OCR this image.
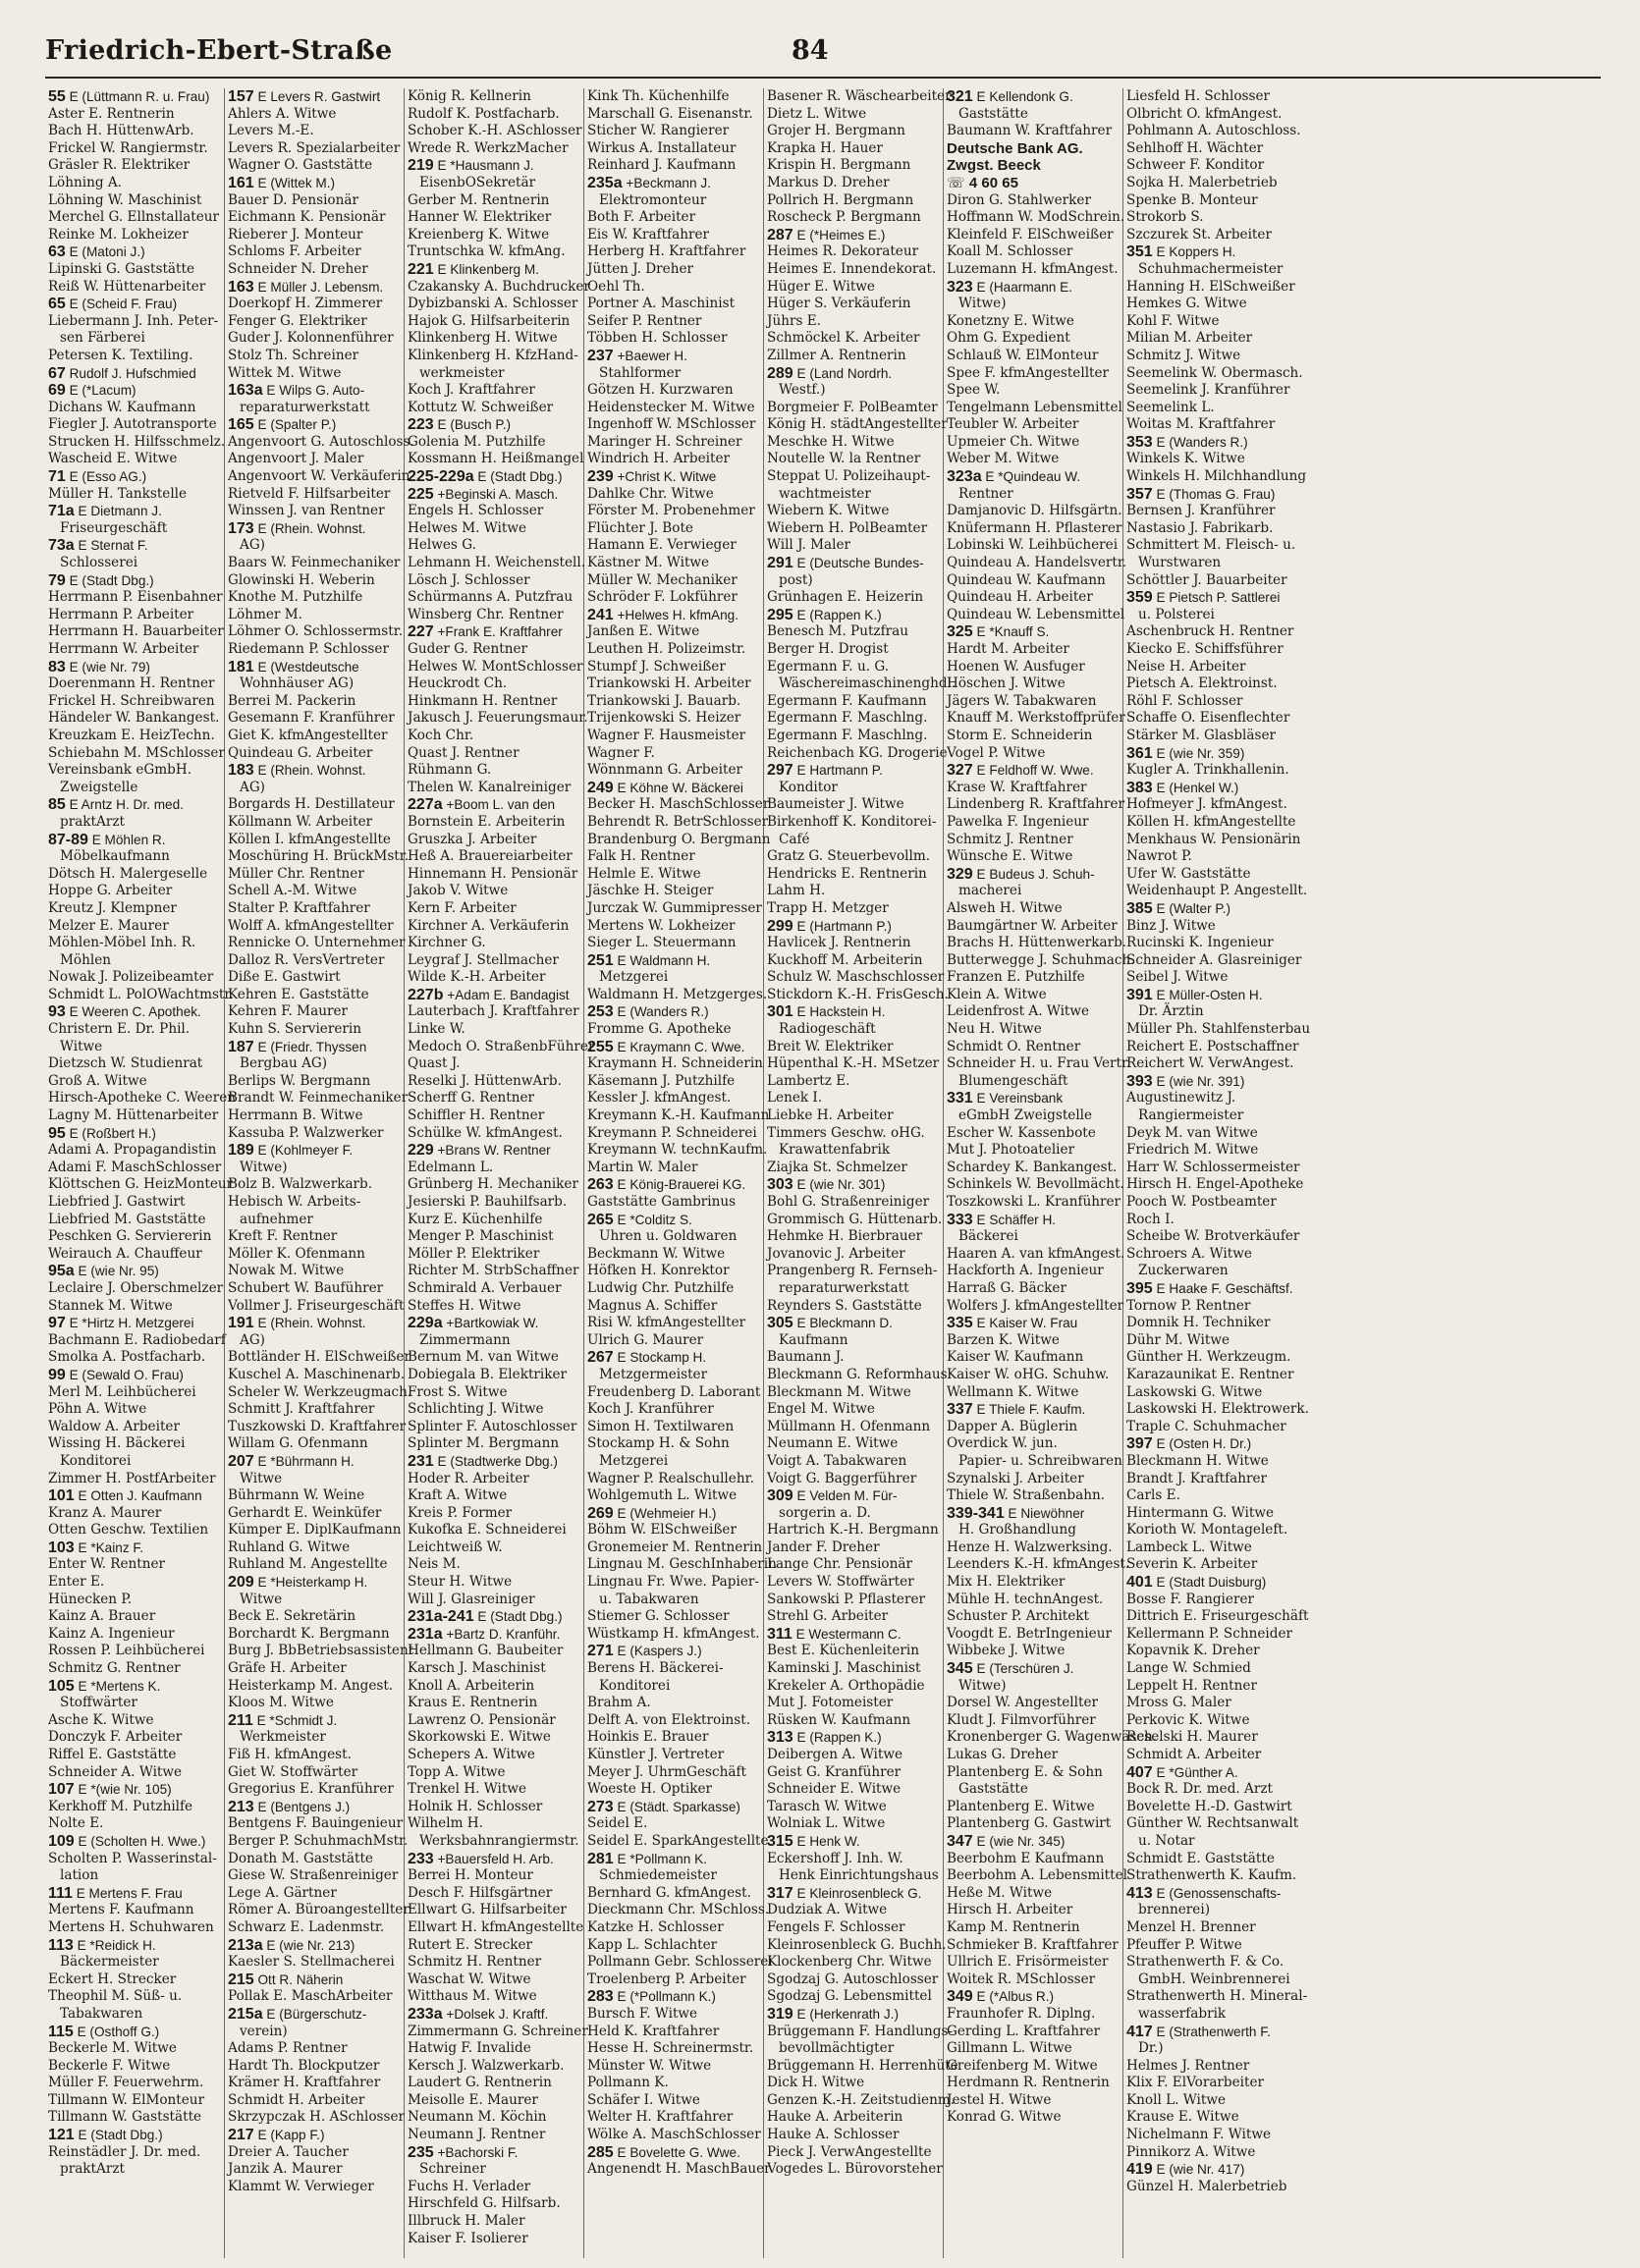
Friedrich-Ebert-Straße	84
55 E (Lüttmann R. u. Frau)
Aster E. Rentnerin
Bach H. HüttenwArb.
Frickel W. Rangiermstr.
Gräsler R. Elektriker
Löhning A.
Löhning W. Maschinist
Merchel G. Ellnstallateur
Reinke M. Lokheizer
63 E (Matoni J.)
Lipinski G. Gaststätte
Reiß W. Hüttenarbeiter
65 E (Scheid F. Frau)
Liebermann J. Inh. Peter-
sen Färberei
Petersen K. Textiling.
67 Rudolf J. Hufschmied
69 E (*Lacum)
Dichans W. Kaufmann
Fiegler J. Autotransporte
Strucken H. Hilfsschmelz.
Wascheid E. Witwe
71 E (Esso AG.)
Müller H. Tankstelle
71a E Dietmann J.
Friseurgeschäft
73a E Sternat F.
Schlosserei
79 E (Stadt Dbg.)
Herrmann P. Eisenbahner
Herrmann P. Arbeiter
Herrmann H. Bauarbeiter
Herrmann W. Arbeiter
83 E (wie Nr. 79)
Doerenmann H. Rentner
Frickel H. Schreibwaren
Händeler W. Bankangest.
Kreuzkam E. HeizTechn.
Schiebahn M. MSchlosser
Vereinsbank eGmbH.
Zweigstelle
85 E Arntz H. Dr. med.
praktArzt
87-89 E Möhlen R.
Möbelkaufmann
Dötsch H. Malergeselle
Hoppe G. Arbeiter
Kreutz J. Klempner
Melzer E. Maurer
Möhlen-Möbel Inh. R.
Möhlen
Nowak J. Polizeibeamter
Schmidt L. PolOWachtmstr.
93 E Weeren C. Apothek.
Christern E. Dr. Phil.
Witwe
Dietzsch W. Studienrat
Groß A. Witwe
Hirsch-Apotheke C. Weeren
Lagny M. Hüttenarbeiter
95 E (Roßbert H.)
Adami A. Propagandistin
Adami F. MaschSchlosser
Klöttschen G. HeizMonteur
Liebfried J. Gastwirt
Liebfried M. Gaststätte
Peschken G. Serviererin
Weirauch A. Chauffeur
95a E (wie Nr. 95)
Leclaire J. Oberschmelzer
Stannek M. Witwe
97 E *Hirtz H. Metzgerei
Bachmann E. Radiobedarf
Smolka A. Postfacharb.
99 E (Sewald O. Frau)
Merl M. Leihbücherei
Pöhn A. Witwe
Waldow A. Arbeiter
Wissing H. Bäckerei
Konditorei
Zimmer H. PostfArbeiter
101 E Otten J. Kaufmann
Kranz A. Maurer
Otten Geschw. Textilien
103 E *Kainz F.
Enter W. Rentner
Enter E.
Hünecken P.
Kainz A. Brauer
Kainz A. Ingenieur
Rossen P. Leihbücherei
Schmitz G. Rentner
105 E *Mertens K.
Stoffwärter
Asche K. Witwe
Donczyk F. Arbeiter
Riffel E. Gaststätte
Schneider A. Witwe
107 E *(wie Nr. 105)
Kerkhoff M. Putzhilfe
Nolte E.
109 E (Scholten H. Wwe.)
Scholten P. Wasserinstal-
lation
111 E Mertens F. Frau
Mertens F. Kaufmann
Mertens H. Schuhwaren
113 E *Reidick H.
Bäckermeister
Eckert H. Strecker
Theophil M. Süß- u.
Tabakwaren
115 E (Osthoff G.)
Beckerle M. Witwe
Beckerle F. Witwe
Müller F. Feuerwehrm.
Tillmann W. ElMonteur
Tillmann W. Gaststätte
121 E (Stadt Dbg.)
Reinstädler J. Dr. med.
praktArzt
157 E Levers R. Gastwirt
Ahlers A. Witwe
Levers M.-E.
Levers R. Spezialarbeiter
Wagner O. Gaststätte
161 E (Wittek M.)
Bauer D. Pensionär
Eichmann K. Pensionär
Rieberer J. Monteur
Schloms F. Arbeiter
Schneider N. Dreher
163 E Müller J. Lebensm.
Doerkopf H. Zimmerer
Fenger G. Elektriker
Guder J. Kolonnenführer
Stolz Th. Schreiner
Wittek M. Witwe
163a E Wilps G. Auto-
reparaturwerkstatt
165 E (Spalter P.)
Angenvoort G. Autoschloss.
Angenvoort J. Maler
Angenvoort W. Verkäuferin
Rietveld F. Hilfsarbeiter
Winssen J. van Rentner
173 E (Rhein. Wohnst.
AG)
Baars W. Feinmechaniker
Glowinski H. Weberin
Knothe M. Putzhilfe
Löhmer M.
Löhmer O. Schlossermstr.
Riedemann P. Schlosser
181 E (Westdeutsche
Wohnhäuser AG)
Berrei M. Packerin
Gesemann F. Kranführer
Giet K. kfmAngestellter
Quindeau G. Arbeiter
183 E (Rhein. Wohnst.
AG)
Borgards H. Destillateur
Köllmann W. Arbeiter
Köllen I. kfmAngestellte
Moschüring H. BrückMstr.
Müller Chr. Rentner
Schell A.-M. Witwe
Stalter P. Kraftfahrer
Wolff A. kfmAngestellter
Rennicke O. Unternehmer
Dalloz R. VersVertreter
Diße E. Gastwirt
Kehren E. Gaststätte
Kehren F. Maurer
Kuhn S. Serviererin
187 E (Friedr. Thyssen
Bergbau AG)
Berlips W. Bergmann
Brandt W. Feinmechaniker
Herrmann B. Witwe
Kassuba P. Walzwerker
189 E (Kohlmeyer F.
Witwe)
Bolz B. Walzwerkarb.
Hebisch W. Arbeits-
aufnehmer
Kreft F. Rentner
Möller K. Ofenmann
Nowak M. Witwe
Schubert W. Bauführer
Vollmer J. Friseurgeschäft
191 E (Rhein. Wohnst.
AG)
Bottländer H. ElSchweißer
Kuschel A. Maschinenarb.
Scheler W. Werkzeugmach.
Schmitt J. Kraftfahrer
Tuszkowski D. Kraftfahrer
Willam G. Ofenmann
207 E *Bührmann H.
Witwe
Bührmann W. Weine
Gerhardt E. Weinküfer
Kümper E. DiplKaufmann
Ruhland G. Witwe
Ruhland M. Angestellte
209 E *Heisterkamp H.
Witwe
Beck E. Sekretärin
Borchardt K. Bergmann
Burg J. BbBetriebsassistent
Gräfe H. Arbeiter
Heisterkamp M. Angest.
Kloos M. Witwe
211 E *Schmidt J.
Werkmeister
Fiß H. kfmAngest.
Giet W. Stoffwärter
Gregorius E. Kranführer
213 E (Bentgens J.)
Bentgens F. Bauingenieur
Berger P. SchuhmachMstr.
Donath M. Gaststätte
Giese W. Straßenreiniger
Lege A. Gärtner
Römer A. Büroangestellter
Schwarz E. Ladenmstr.
213a E (wie Nr. 213)
Kaesler S. Stellmacherei
215 Ott R. Näherin
Pollak E. MaschArbeiter
215a E (Bürgerschutz-
verein)
Adams P. Rentner
Hardt Th. Blockputzer
Krämer H. Kraftfahrer
Schmidt H. Arbeiter
Skrzypczak H. ASchlosser
217 E (Kapp F.)
Dreier A. Taucher
Janzik A. Maurer
Klammt W. Verwieger
König R. Kellnerin
Rudolf K. Postfacharb.
Schober K.-H. ASchlosser
Wrede R. WerkzMacher
219 E *Hausmann J.
EisenbOSekretär
Gerber M. Rentnerin
Hanner W. Elektriker
Kreienberg K. Witwe
Truntschka W. kfmAng.
221 E Klinkenberg M.
Czakansky A. Buchdrucker
Dybizbanski A. Schlosser
Hajok G. Hilfsarbeiterin
Klinkenberg H. Witwe
Klinkenberg H. KfzHand-
werkmeister
Koch J. Kraftfahrer
Kottutz W. Schweißer
223 E (Busch P.)
Golenia M. Putzhilfe
Kossmann H. Heißmangel
225-229a E (Stadt Dbg.)
225 +Beginski A. Masch.
Engels H. Schlosser
Helwes M. Witwe
Helwes G.
Lehmann H. Weichenstell.
Lösch J. Schlosser
Schürmanns A. Putzfrau
Winsberg Chr. Rentner
227 +Frank E. Kraftfahrer
Guder G. Rentner
Helwes W. MontSchlosser
Heuckrodt Ch.
Hinkmann H. Rentner
Jakusch J. Feuerungsmaur.
Koch Chr.
Quast J. Rentner
Rühmann G.
Thelen W. Kanalreiniger
227a +Boom L. van den
Bornstein E. Arbeiterin
Gruszka J. Arbeiter
Heß A. Brauereiarbeiter
Hinnemann H. Pensionär
Jakob V. Witwe
Kern F. Arbeiter
Kirchner A. Verkäuferin
Kirchner G.
Leygraf J. Stellmacher
Wilde K.-H. Arbeiter
227b +Adam E. Bandagist
Lauterbach J. Kraftfahrer
Linke W.
Medoch O. StraßenbFührer
Quast J.
Reselki J. HüttenwArb.
Scherff G. Rentner
Schiffler H. Rentner
Schülke W. kfmAngest.
229 +Brans W. Rentner
Edelmann L.
Grünberg H. Mechaniker
Jesierski P. Bauhilfsarb.
Kurz E. Küchenhilfe
Menger P. Maschinist
Möller P. Elektriker
Richter M. StrbSchaffner
Schmirald A. Verbauer
Steffes H. Witwe
229a +Bartkowiak W.
Zimmermann
Bernum M. van Witwe
Dobiegala B. Elektriker
Frost S. Witwe
Schlichting J. Witwe
Splinter F. Autoschlosser
Splinter M. Bergmann
231 E (Stadtwerke Dbg.)
Hoder R. Arbeiter
Kraft A. Witwe
Kreis P. Former
Kukofka E. Schneiderei
Leichtweiß W.
Neis M.
Steur H. Witwe
Will J. Glasreiniger
231a-241 E (Stadt Dbg.)
231a +Bartz D. Kranführ.
Hellmann G. Baubeiter
Karsch J. Maschinist
Knoll A. Arbeiterin
Kraus E. Rentnerin
Lawrenz O. Pensionär
Skorkowski E. Witwe
Schepers A. Witwe
Topp A. Witwe
Trenkel H. Witwe
Holnik H. Schlosser
Wilhelm H.
Werksbahnrangiermstr.
233 +Bauersfeld H. Arb.
Berrei H. Monteur
Desch F. Hilfsgärtner
Ellwart G. Hilfsarbeiter
Ellwart H. kfmAngestellte
Rutert E. Strecker
Schmitz H. Rentner
Waschat W. Witwe
Witthaus M. Witwe
233a +Dolsek J. Kraftf.
Zimmermann G. Schreiner
Hatwig F. Invalide
Kersch J. Walzwerkarb.
Laudert G. Rentnerin
Meisolle E. Maurer
Neumann M. Köchin
Neumann J. Rentner
235 +Bachorski F.
Schreiner
Fuchs H. Verlader
Hirschfeld G. Hilfsarb.
Illbruck H. Maler
Kaiser F. Isolierer
Kink Th. Küchenhilfe
Marschall G. Eisenanstr.
Sticher W. Rangierer
Wirkus A. Installateur
Reinhard J. Kaufmann
235a +Beckmann J.
Elektromonteur
Both F. Arbeiter
Eis W. Kraftfahrer
Herberg H. Kraftfahrer
Jütten J. Dreher
Oehl Th.
Portner A. Maschinist
Seifer P. Rentner
Többen H. Schlosser
237 +Baewer H.
Stahlformer
Götzen H. Kurzwaren
Heidenstecker M. Witwe
Ingenhoff W. MSchlosser
Maringer H. Schreiner
Windrich H. Arbeiter
239 +Christ K. Witwe
Dahlke Chr. Witwe
Förster M. Probenehmer
Flüchter J. Bote
Hamann E. Verwieger
Kästner M. Witwe
Müller W. Mechaniker
Schröder F. Lokführer
241 +Helwes H. kfmAng.
Janßen E. Witwe
Leuthen H. Polizeimstr.
Stumpf J. Schweißer
Triankowski H. Arbeiter
Triankowski J. Bauarb.
Trijenkowski S. Heizer
Wagner F. Hausmeister
Wagner F.
Wönnmann G. Arbeiter
249 E Köhne W. Bäckerei
Becker H. MaschSchlosser
Behrendt R. BetrSchlosser
Brandenburg O. Bergmann
Falk H. Rentner
Helmle E. Witwe
Jäschke H. Steiger
Jurczak W. Gummipresser
Mertens W. Lokheizer
Sieger L. Steuermann
251 E Waldmann H.
Metzgerei
Waldmann H. Metzgerges.
253 E (Wanders R.)
Fromme G. Apotheke
255 E Kraymann C. Wwe.
Kraymann H. Schneiderin
Käsemann J. Putzhilfe
Kessler J. kfmAngest.
Kreymann K.-H. Kaufmann
Kreymann P. Schneiderei
Kreymann W. technKaufm.
Martin W. Maler
263 E König-Brauerei KG.
Gaststätte Gambrinus
265 E *Colditz S.
Uhren u. Goldwaren
Beckmann W. Witwe
Höfken H. Konrektor
Ludwig Chr. Putzhilfe
Magnus A. Schiffer
Risi W. kfmAngestellter
Ulrich G. Maurer
267 E Stockamp H.
Metzgermeister
Freudenberg D. Laborant
Koch J. Kranführer
Simon H. Textilwaren
Stockamp H. & Sohn
Metzgerei
Wagner P. Realschullehr.
Wohlgemuth L. Witwe
269 E (Wehmeier H.)
Böhm W. ElSchweißer
Gronemeier M. Rentnerin
Lingnau M. GeschInhaberin
Lingnau Fr. Wwe. Papier-
u. Tabakwaren
Stiemer G. Schlosser
Wüstkamp H. kfmAngest.
271 E (Kaspers J.)
Berens H. Bäckerei-
Konditorei
Brahm A.
Delft A. von Elektroinst.
Hoinkis E. Brauer
Künstler J. Vertreter
Meyer J. UhrmGeschäft
Woeste H. Optiker
273 E (Städt. Sparkasse)
Seidel E.
Seidel E. SparkAngestellte
281 E *Pollmann K.
Schmiedemeister
Bernhard G. kfmAngest.
Dieckmann Chr. MSchloss.
Katzke H. Schlosser
Kapp L. Schlachter
Pollmann Gebr. Schlosserei
Troelenberg P. Arbeiter
283 E (*Pollmann K.)
Bursch F. Witwe
Held K. Kraftfahrer
Hesse H. Schreinermstr.
Münster W. Witwe
Pollmann K.
Schäfer I. Witwe
Welter H. Kraftfahrer
Wölke A. MaschSchlosser
285 E Bovelette G. Wwe.
Angenendt H. MaschBauer
Basener R. Wäschearbeiter
Dietz L. Witwe
Grojer H. Bergmann
Krapka H. Hauer
Krispin H. Bergmann
Markus D. Dreher
Pollrich H. Bergmann
Roscheck P. Bergmann
287 E (*Heimes E.)
Heimes R. Dekorateur
Heimes E. Innendekorat.
Hüger E. Witwe
Hüger S. Verkäuferin
Jührs E.
Schmöckel K. Arbeiter
Zillmer A. Rentnerin
289 E (Land Nordrh.
Westf.)
Borgmeier F. PolBeamter
König H. städtAngestellter
Meschke H. Witwe
Noutelle W. la Rentner
Steppat U. Polizeihaupt-
wachtmeister
Wiebern K. Witwe
Wiebern H. PolBeamter
Will J. Maler
291 E (Deutsche Bundes-
post)
Grünhagen E. Heizerin
295 E (Rappen K.)
Benesch M. Putzfrau
Berger H. Drogist
Egermann F. u. G.
Wäschereimaschinenghdl.
Egermann F. Kaufmann
Egermann F. Maschlng.
Egermann F. Maschlng.
Reichenbach KG. Drogerie
297 E Hartmann P.
Konditor
Baumeister J. Witwe
Birkenhoff K. Konditorei-
Café
Gratz G. Steuerbevollm.
Hendricks E. Rentnerin
Lahm H.
Trapp H. Metzger
299 E (Hartmann P.)
Havlicek J. Rentnerin
Kuckhoff M. Arbeiterin
Schulz W. Maschschlosser
Stickdorn K.-H. FrisGesch.
301 E Hackstein H.
Radiogeschäft
Breit W. Elektriker
Hüpenthal K.-H. MSetzer
Lambertz E.
Lenek I.
Liebke H. Arbeiter
Timmers Geschw. oHG.
Krawattenfabrik
Ziajka St. Schmelzer
303 E (wie Nr. 301)
Bohl G. Straßenreiniger
Grommisch G. Hüttenarb.
Hehmke H. Bierbrauer
Jovanovic J. Arbeiter
Prangenberg R. Fernseh-
reparaturwerkstatt
Reynders S. Gaststätte
305 E Bleckmann D.
Kaufmann
Baumann J.
Bleckmann G. Reformhaus
Bleckmann M. Witwe
Engel M. Witwe
Müllmann H. Ofenmann
Neumann E. Witwe
Voigt A. Tabakwaren
Voigt G. Baggerführer
309 E Velden M. Für-
sorgerin a. D.
Hartrich K.-H. Bergmann
Jander F. Dreher
Lange Chr. Pensionär
Levers W. Stoffwärter
Sankowski P. Pflasterer
Strehl G. Arbeiter
311 E Westermann C.
Best E. Küchenleiterin
Kaminski J. Maschinist
Krekeler A. Orthopädie
Mut J. Fotomeister
Rüsken W. Kaufmann
313 E (Rappen K.)
Deibergen A. Witwe
Geist G. Kranführer
Schneider E. Witwe
Tarasch W. Witwe
Wolniak L. Witwe
315 E Henk W.
Eckershoff J. Inh. W.
Henk Einrichtungshaus
317 E Kleinrosenbleck G.
Dudziak A. Witwe
Fengels F. Schlosser
Kleinrosenbleck G. Buchh.
Klockenberg Chr. Witwe
Sgodzaj G. Autoschlosser
Sgodzaj G. Lebensmittel
319 E (Herkenrath J.)
Brüggemann F. Handlungs-
bevollmächtigter
Brüggemann H. Herrenhüte
Dick H. Witwe
Genzen K.-H. Zeitstudienm.
Hauke A. Arbeiterin
Hauke A. Schlosser
Pieck J. VerwAngestellte
Vogedes L. Bürovorsteher
321 E Kellendonk G.
Gaststätte
Baumann W. Kraftfahrer
Deutsche Bank AG.
Zwgst. Beeck
☏ 4 60 65
Diron G. Stahlwerker
Hoffmann W. ModSchrein.
Kleinfeld F. ElSchweißer
Koall M. Schlosser
Luzemann H. kfmAngest.
323 E (Haarmann E.
Witwe)
Konetzny E. Witwe
Ohm G. Expedient
Schlauß W. ElMonteur
Spee F. kfmAngestellter
Spee W.
Tengelmann Lebensmittel
Teubler W. Arbeiter
Upmeier Ch. Witwe
Weber M. Witwe
323a E *Quindeau W.
Rentner
Damjanovic D. Hilfsgärtn.
Knüfermann H. Pflasterer
Lobinski W. Leihbücherei
Quindeau A. Handelsvertr.
Quindeau W. Kaufmann
Quindeau H. Arbeiter
Quindeau W. Lebensmittel
325 E *Knauff S.
Hardt M. Arbeiter
Hoenen W. Ausfuger
Höschen J. Witwe
Jägers W. Tabakwaren
Knauff M. Werkstoffprüfer
Storm E. Schneiderin
Vogel P. Witwe
327 E Feldhoff W. Wwe.
Krase W. Kraftfahrer
Lindenberg R. Kraftfahrer
Pawelka F. Ingenieur
Schmitz J. Rentner
Wünsche E. Witwe
329 E Budeus J. Schuh-
macherei
Alsweh H. Witwe
Baumgärtner W. Arbeiter
Brachs H. Hüttenwerkarb.
Butterwegge J. Schuhmach.
Franzen E. Putzhilfe
Klein A. Witwe
Leidenfrost A. Witwe
Neu H. Witwe
Schmidt O. Rentner
Schneider H. u. Frau Vertr.
Blumengeschäft
331 E Vereinsbank
eGmbH Zweigstelle
Escher W. Kassenbote
Mut J. Photoatelier
Schardey K. Bankangest.
Schinkels W. Bevollmächt.
Toszkowski L. Kranführer
333 E Schäffer H.
Bäckerei
Haaren A. van kfmAngest.
Hackforth A. Ingenieur
Harraß G. Bäcker
Wolfers J. kfmAngestellter
335 E Kaiser W. Frau
Barzen K. Witwe
Kaiser W. Kaufmann
Kaiser W. oHG. Schuhw.
Wellmann K. Witwe
337 E Thiele F. Kaufm.
Dapper A. Büglerin
Overdick W. jun.
Papier- u. Schreibwaren
Szynalski J. Arbeiter
Thiele W. Straßenbahn.
339-341 E Niewöhner
H. Großhandlung
Henze H. Walzwerksing.
Leenders K.-H. kfmAngest.
Mix H. Elektriker
Mühle H. technAngest.
Schuster P. Architekt
Voogdt E. BetrIngenieur
Wibbeke J. Witwe
345 E (Terschüren J.
Witwe)
Dorsel W. Angestellter
Kludt J. Filmvorführer
Kronenberger G. Wagenwäsch.
Lukas G. Dreher
Plantenberg E. & Sohn
Gaststätte
Plantenberg E. Witwe
Plantenberg G. Gastwirt
347 E (wie Nr. 345)
Beerbohm E Kaufmann
Beerbohm A. Lebensmittel
Heße M. Witwe
Hirsch H. Arbeiter
Kamp M. Rentnerin
Schmieker B. Kraftfahrer
Ullrich E. Frisörmeister
Woitek R. MSchlosser
349 E (*Albus R.)
Fraunhofer R. Diplng.
Gerding L. Kraftfahrer
Gillmann L. Witwe
Greifenberg M. Witwe
Herdmann R. Rentnerin
Jestel H. Witwe
Konrad G. Witwe
Liesfeld H. Schlosser
Olbricht O. kfmAngest.
Pohlmann A. Autoschloss.
Sehlhoff H. Wächter
Schweer F. Konditor
Sojka H. Malerbetrieb
Spenke B. Monteur
Strokorb S.
Szczurek St. Arbeiter
351 E Koppers H.
Schuhmachermeister
Hanning H. ElSchweißer
Hemkes G. Witwe
Kohl F. Witwe
Milian M. Arbeiter
Schmitz J. Witwe
Seemelink W. Obermasch.
Seemelink J. Kranführer
Seemelink L.
Woitas M. Kraftfahrer
353 E (Wanders R.)
Winkels K. Witwe
Winkels H. Milchhandlung
357 E (Thomas G. Frau)
Bernsen J. Kranführer
Nastasio J. Fabrikarb.
Schmittert M. Fleisch- u.
Wurstwaren
Schöttler J. Bauarbeiter
359 E Pietsch P. Sattlerei
u. Polsterei
Aschenbruck H. Rentner
Kiecko E. Schiffsführer
Neise H. Arbeiter
Pietsch A. Elektroinst.
Röhl F. Schlosser
Schaffe O. Eisenflechter
Stärker M. Glasbläser
361 E (wie Nr. 359)
Kugler A. Trinkhallenin.
383 E (Henkel W.)
Hofmeyer J. kfmAngest.
Köllen H. kfmAngestellte
Menkhaus W. Pensionärin
Nawrot P.
Ufer W. Gaststätte
Weidenhaupt P. Angestellt.
385 E (Walter P.)
Binz J. Witwe
Rucinski K. Ingenieur
Schneider A. Glasreiniger
Seibel J. Witwe
391 E Müller-Osten H.
Dr. Ärztin
Müller Ph. Stahlfensterbau
Reichert E. Postschaffner
Reichert W. VerwAngest.
393 E (wie Nr. 391)
Augustinewitz J.
Rangiermeister
Deyk M. van Witwe
Friedrich M. Witwe
Harr W. Schlossermeister
Hirsch H. Engel-Apotheke
Pooch W. Postbeamter
Roch I.
Scheibe W. Brotverkäufer
Schroers A. Witwe
Zuckerwaren
395 E Haake F. Geschäftsf.
Tornow P. Rentner
Domnik H. Techniker
Dühr M. Witwe
Günther H. Werkzeugm.
Karazaunikat E. Rentner
Laskowski G. Witwe
Laskowski H. Elektrowerk.
Traple C. Schuhmacher
397 E (Osten H. Dr.)
Bleckmann H. Witwe
Brandt J. Kraftfahrer
Carls E.
Hintermann G. Witwe
Korioth W. Montageleft.
Lambeck L. Witwe
Severin K. Arbeiter
401 E (Stadt Duisburg)
Bosse F. Rangierer
Dittrich E. Friseurgeschäft
Kellermann P. Schneider
Kopavnik K. Dreher
Lange W. Schmied
Leppelt H. Rentner
Mross G. Maler
Perkovic K. Witwe
Reselski H. Maurer
Schmidt A. Arbeiter
407 E *Günther A.
Bock R. Dr. med. Arzt
Bovelette H.-D. Gastwirt
Günther W. Rechtsanwalt
u. Notar
Schmidt E. Gaststätte
Strathenwerth K. Kaufm.
413 E (Genossenschafts-
brennerei)
Menzel H. Brenner
Pfeuffer P. Witwe
Strathenwerth F. & Co.
GmbH. Weinbrennerei
Strathenwerth H. Mineral-
wasserfabrik
417 E (Strathenwerth F.
Dr.)
Helmes J. Rentner
Klix F. ElVorarbeiter
Knoll L. Witwe
Krause E. Witwe
Nichelmann F. Witwe
Pinnikorz A. Witwe
419 E (wie Nr. 417)
Günzel H. Malerbetrieb
